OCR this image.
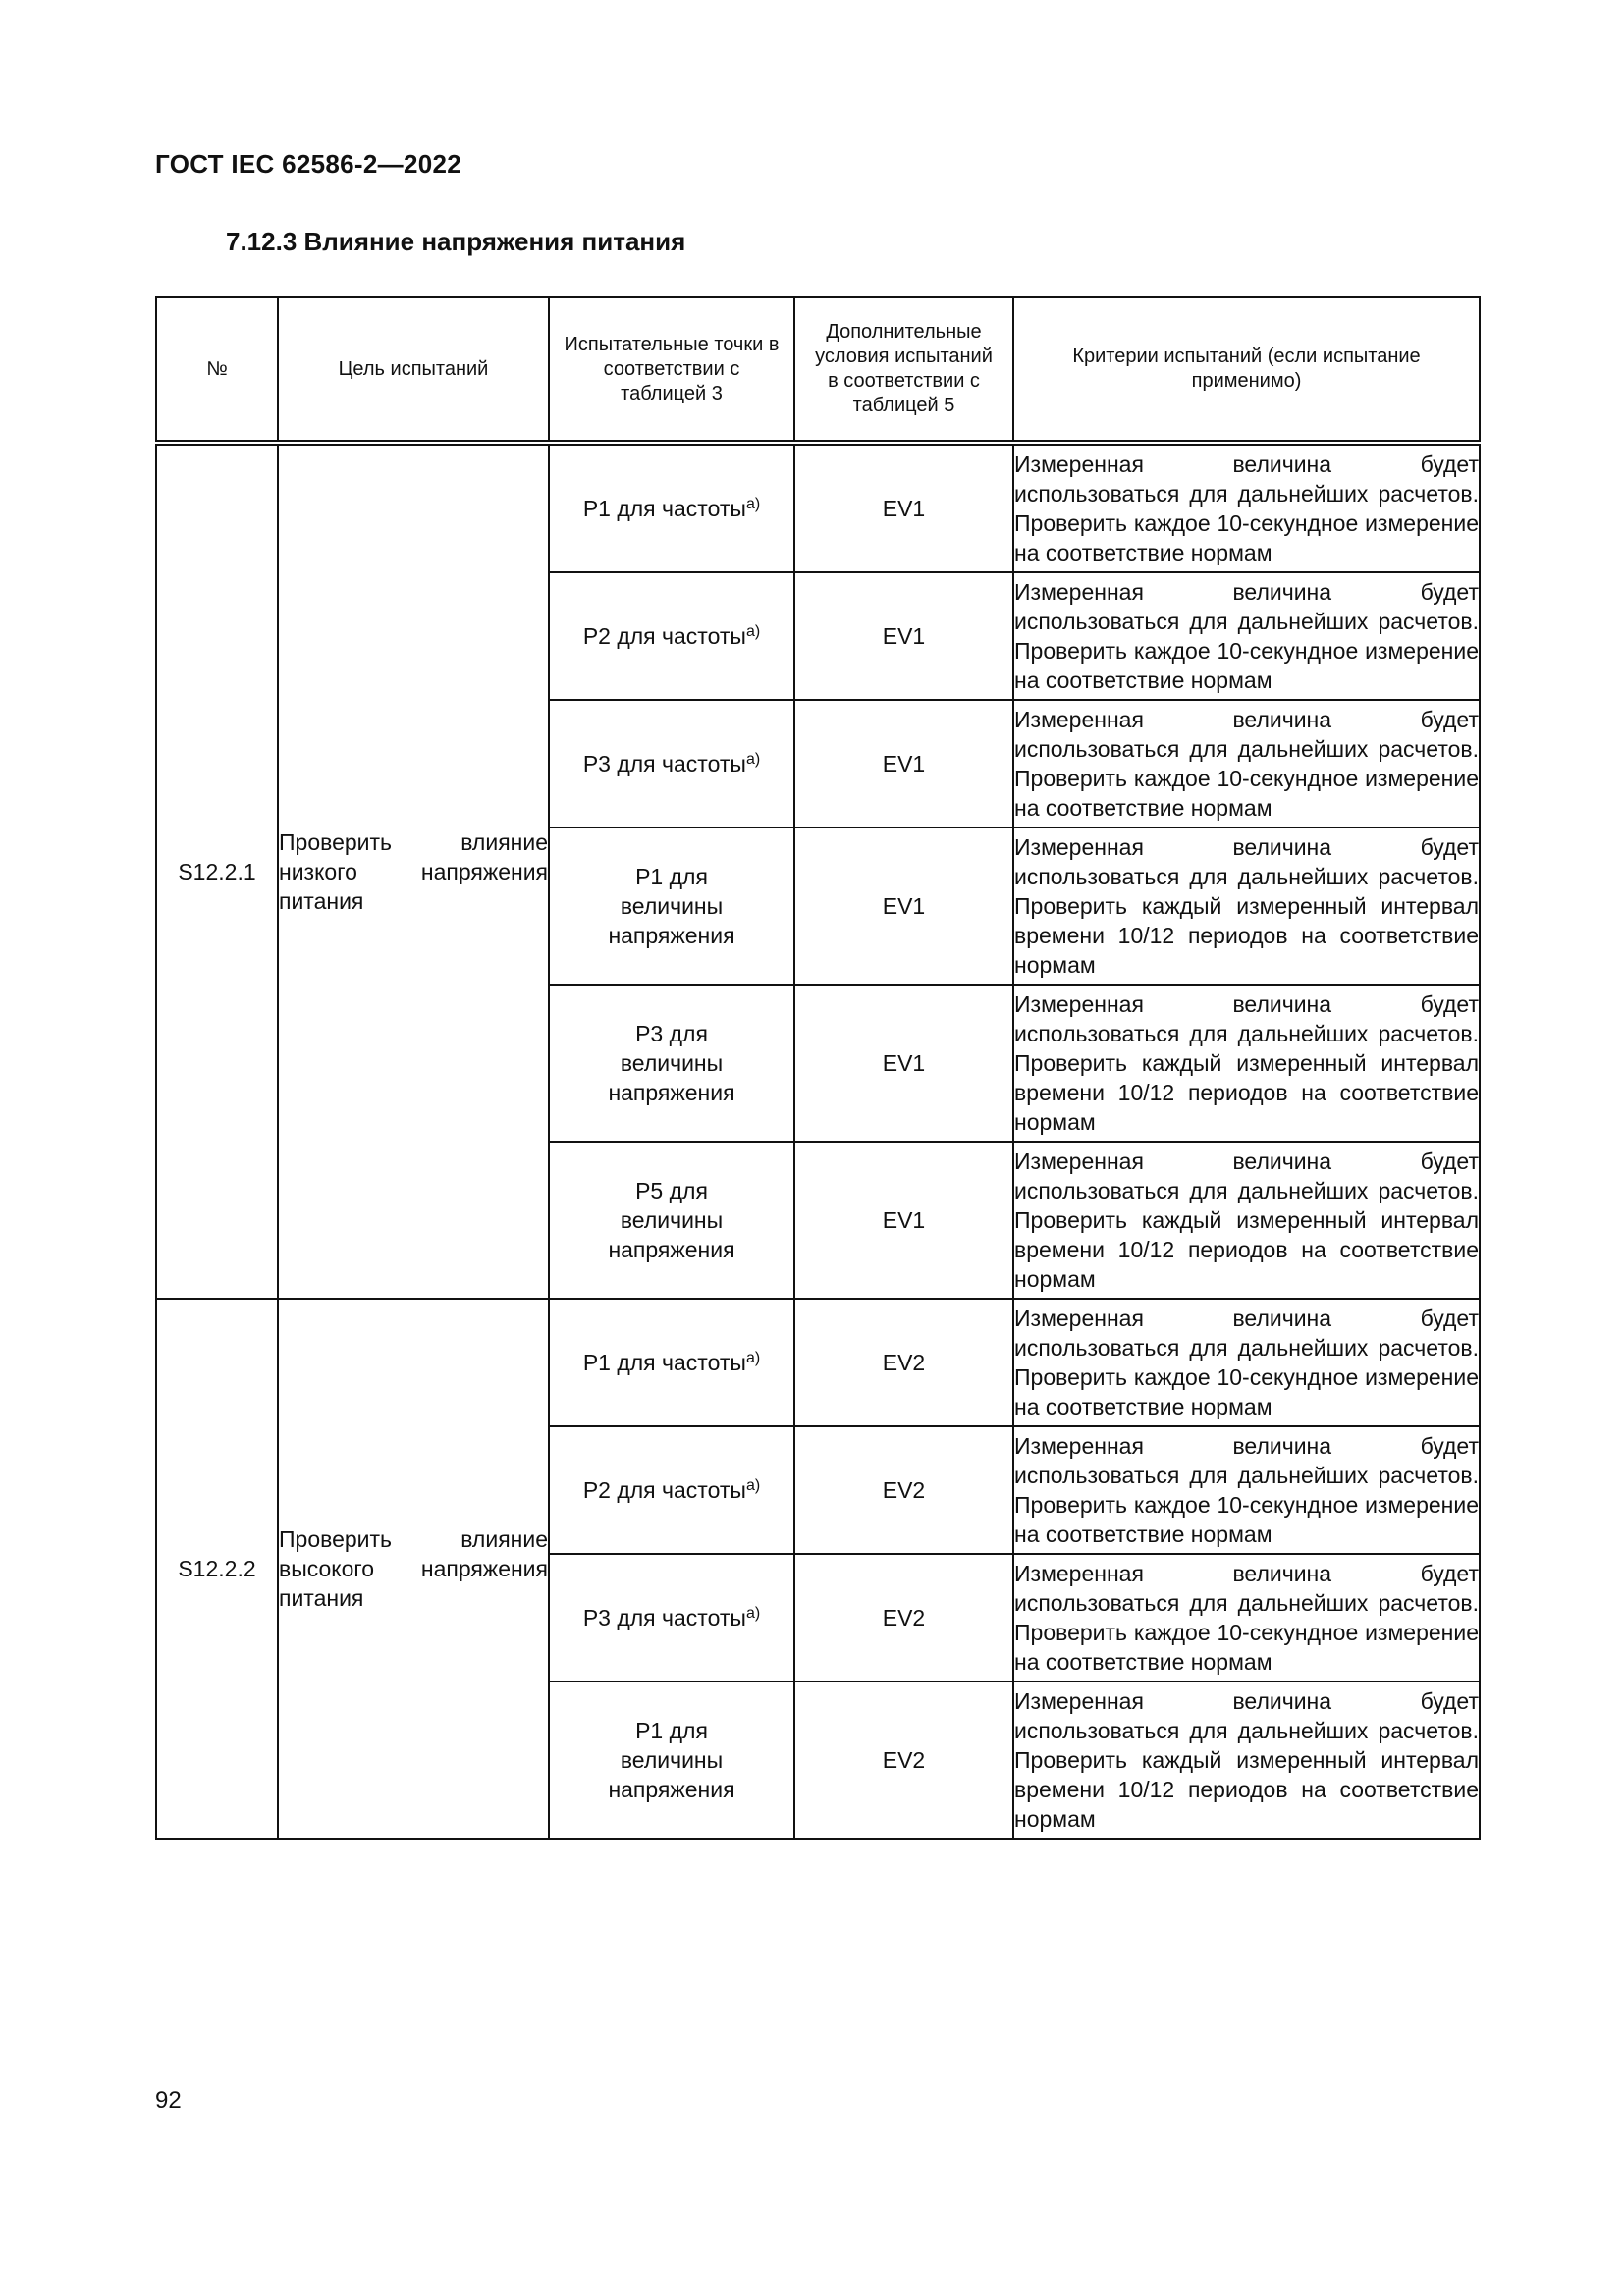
ГОСТ IEC 62586-2—2022
7.12.3 Влияние напряжения питания
№	Цель испытаний	Испытательные точки в соответствии с таблицей 3	Дополнительные условия испытаний в соответствии с таблицей 5	Критерии испытаний (если испытание применимо)
S12.2.1	Проверить влияние низкого напряжения питания	P1 для частоты$^{а)}$	EV1	Измеренная величина будет использоваться для дальнейших расчетов. Проверить каждое 10-секундное измерение на соответствие нормам
		P2 для частоты$^{а)}$	EV1	Измеренная величина будет использоваться для дальнейших расчетов. Проверить каждое 10-секундное измерение на соответствие нормам
		P3 для частоты$^{а)}$	EV1	Измеренная величина будет использоваться для дальнейших расчетов. Проверить каждое 10-секундное измерение на соответствие нормам
		P1 для величины напряжения	EV1	Измеренная величина будет использоваться для дальнейших расчетов. Проверить каждый измеренный интервал времени 10/12 периодов на соответствие нормам
		P3 для величины напряжения	EV1	Измеренная величина будет использоваться для дальнейших расчетов. Проверить каждый измеренный интервал времени 10/12 периодов на соответствие нормам
		P5 для величины напряжения	EV1	Измеренная величина будет использоваться для дальнейших расчетов. Проверить каждый измеренный интервал времени 10/12 периодов на соответствие нормам
S12.2.2	Проверить влияние высокого напряжения питания	P1 для частоты$^{а)}$	EV2	Измеренная величина будет использоваться для дальнейших расчетов. Проверить каждое 10-секундное измерение на соответствие нормам
		P2 для частоты$^{а)}$	EV2	Измеренная величина будет использоваться для дальнейших расчетов. Проверить каждое 10-секундное измерение на соответствие нормам
		P3 для частоты$^{а)}$	EV2	Измеренная величина будет использоваться для дальнейших расчетов. Проверить каждое 10-секундное измерение на соответствие нормам
		P1 для величины напряжения	EV2	Измеренная величина будет использоваться для дальнейших расчетов. Проверить каждый измеренный интервал времени 10/12 периодов на соответствие нормам
92
